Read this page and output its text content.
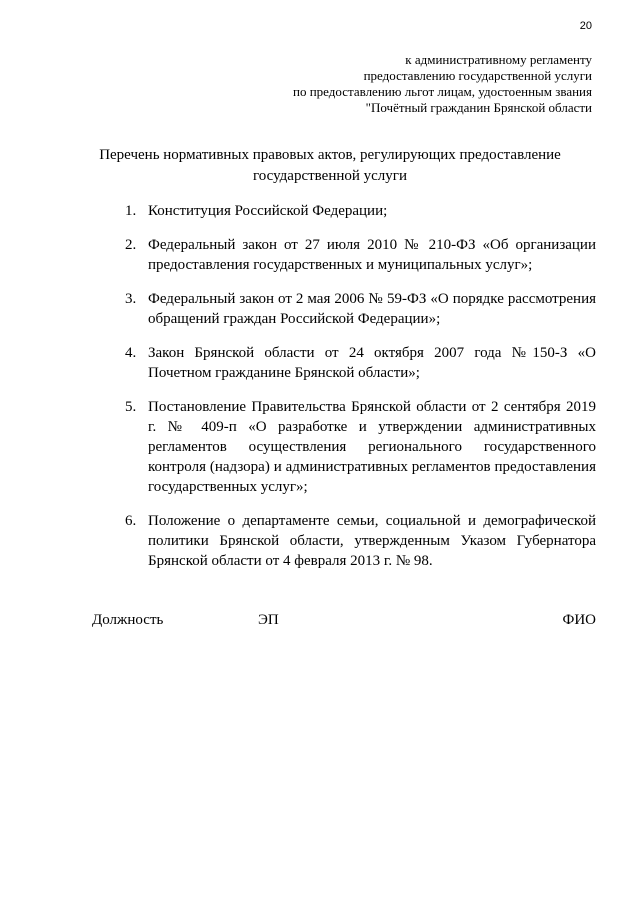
20
к административному регламенту
предоставлению государственной услуги
по предоставлению льгот лицам, удостоенным звания
"Почётный гражданин Брянской области
Перечень нормативных правовых актов, регулирующих предоставление
государственной услуги
1. Конституция Российской Федерации;
2. Федеральный закон от 27 июля 2010 № 210-ФЗ «Об организации предоставления государственных и муниципальных услуг»;
3. Федеральный закон от 2 мая 2006 № 59-ФЗ «О порядке рассмотрения обращений граждан Российской Федерации»;
4. Закон Брянской области от 24 октября 2007 года №150-З «О Почетном гражданине Брянской области»;
5. Постановление Правительства Брянской области от 2 сентября 2019 г. № 409-п «О разработке и утверждении административных регламентов осуществления регионального государственного контроля (надзора) и административных регламентов предоставления государственных услуг»;
6. Положение о департаменте семьи, социальной и демографической политики Брянской области, утвержденным Указом Губернатора Брянской области от 4 февраля 2013 г. № 98.
Должность	ЭП	ФИО
